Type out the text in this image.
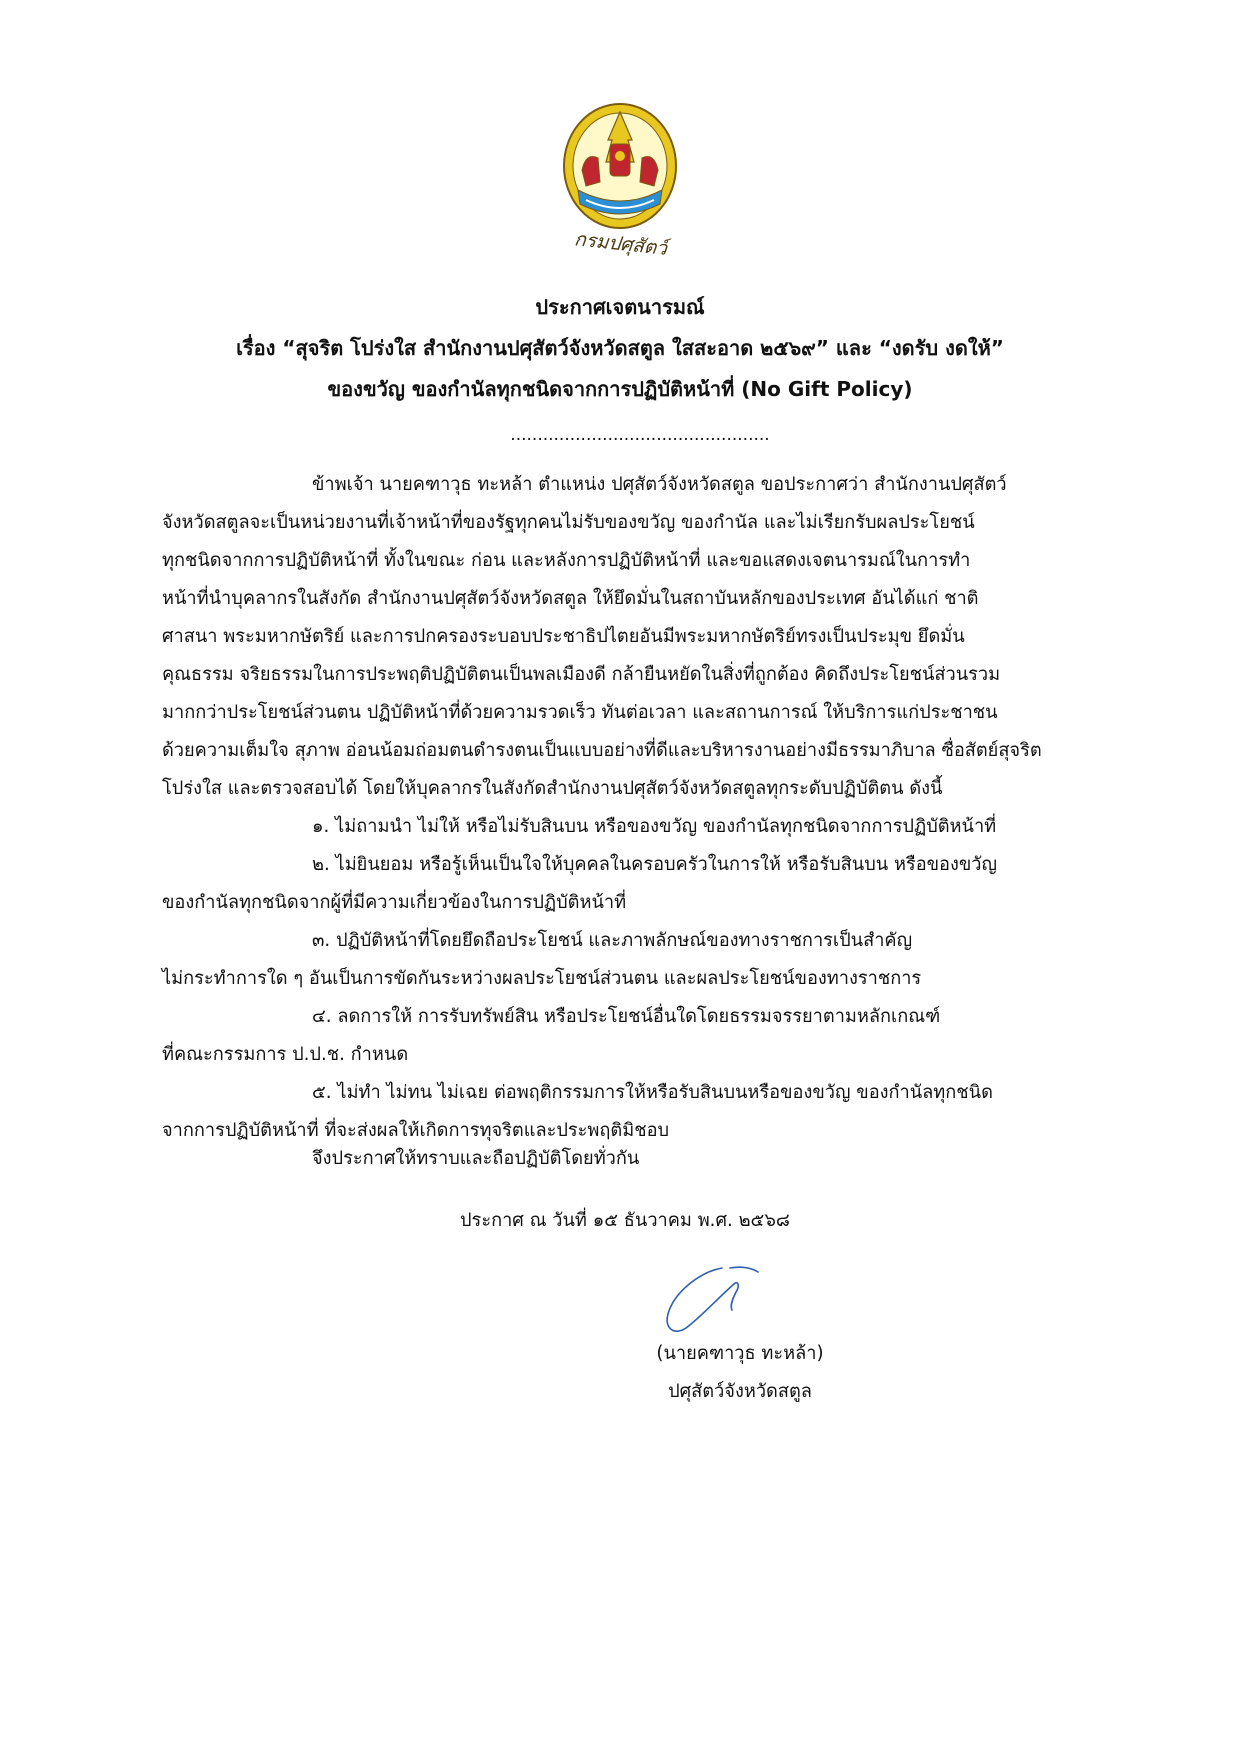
กรมปศุสัตว์
ประกาศเจตนารมณ์
เรื่อง “สุจริต โปร่งใส สำนักงานปศุสัตว์จังหวัดสตูล ใสสะอาด ๒๕๖๙” และ “งดรับ งดให้”
ของขวัญ ของกำนัลทุกชนิดจากการปฏิบัติหน้าที่ (No Gift Policy)
................................................
ข้าพเจ้า นายคฑาวุธ ทะหล้า ตำแหน่ง ปศุสัตว์จังหวัดสตูล ขอประกาศว่า สำนักงานปศุสัตว์
จังหวัดสตูลจะเป็นหน่วยงานที่เจ้าหน้าที่ของรัฐทุกคนไม่รับของขวัญ ของกำนัล และไม่เรียกรับผลประโยชน์
ทุกชนิดจากการปฏิบัติหน้าที่ ทั้งในขณะ ก่อน และหลังการปฏิบัติหน้าที่ และขอแสดงเจตนารมณ์ในการทำ
หน้าที่นำบุคลากรในสังกัด สำนักงานปศุสัตว์จังหวัดสตูล ให้ยึดมั่นในสถาบันหลักของประเทศ อันได้แก่ ชาติ
ศาสนา พระมหากษัตริย์ และการปกครองระบอบประชาธิปไตยอันมีพระมหากษัตริย์ทรงเป็นประมุข ยึดมั่น
คุณธรรม จริยธรรมในการประพฤติปฏิบัติตนเป็นพลเมืองดี กล้ายืนหยัดในสิ่งที่ถูกต้อง คิดถึงประโยชน์ส่วนรวม
มากกว่าประโยชน์ส่วนตน ปฏิบัติหน้าที่ด้วยความรวดเร็ว ทันต่อเวลา และสถานการณ์ ให้บริการแก่ประชาชน
ด้วยความเต็มใจ สุภาพ อ่อนน้อมถ่อมตนดำรงตนเป็นแบบอย่างที่ดีและบริหารงานอย่างมีธรรมาภิบาล ซื่อสัตย์สุจริต
โปร่งใส และตรวจสอบได้ โดยให้บุคลากรในสังกัดสำนักงานปศุสัตว์จังหวัดสตูลทุกระดับปฏิบัติตน ดังนี้
๑. ไม่ถามนำ ไม่ให้ หรือไม่รับสินบน หรือของขวัญ ของกำนัลทุกชนิดจากการปฏิบัติหน้าที่
๒. ไม่ยินยอม หรือรู้เห็นเป็นใจให้บุคคลในครอบครัวในการให้ หรือรับสินบน หรือของขวัญ
ของกำนัลทุกชนิดจากผู้ที่มีความเกี่ยวข้องในการปฏิบัติหน้าที่
๓. ปฏิบัติหน้าที่โดยยึดถือประโยชน์ และภาพลักษณ์ของทางราชการเป็นสำคัญ
ไม่กระทำการใด ๆ อันเป็นการขัดกันระหว่างผลประโยชน์ส่วนตน และผลประโยชน์ของทางราชการ
๔. ลดการให้ การรับทรัพย์สิน หรือประโยชน์อื่นใดโดยธรรมจรรยาตามหลักเกณฑ์
ที่คณะกรรมการ ป.ป.ช. กำหนด
๕. ไม่ทำ ไม่ทน ไม่เฉย ต่อพฤติกรรมการให้หรือรับสินบนหรือของขวัญ ของกำนัลทุกชนิด
จากการปฏิบัติหน้าที่ ที่จะส่งผลให้เกิดการทุจริตและประพฤติมิชอบ
จึงประกาศให้ทราบและถือปฏิบัติโดยทั่วกัน
ประกาศ ณ วันที่ ๑๕ ธันวาคม พ.ศ. ๒๕๖๘
(นายคฑาวุธ ทะหล้า)
ปศุสัตว์จังหวัดสตูล
